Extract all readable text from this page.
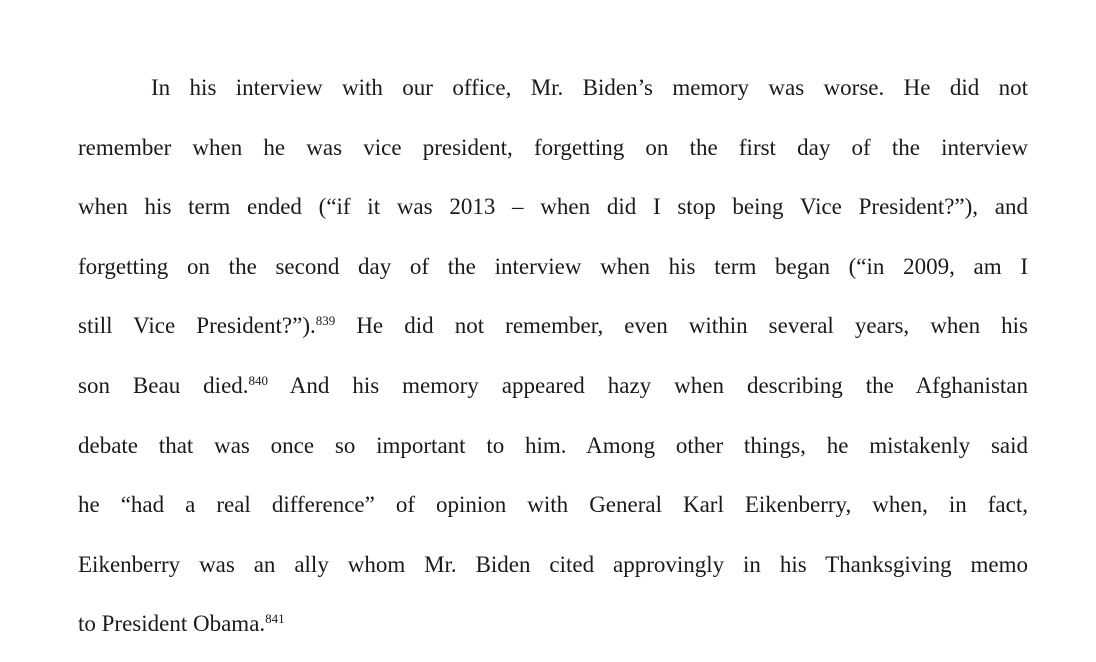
In his interview with our office, Mr. Biden’s memory was worse. He did not
remember when he was vice president, forgetting on the first day of the interview
when his term ended (“if it was 2013 – when did I stop being Vice President?”), and
forgetting on the second day of the interview when his term began (“in 2009, am I
still Vice President?”).$^{839}$ He did not remember, even within several years, when his
son Beau died.$^{840}$ And his memory appeared hazy when describing the Afghanistan
debate that was once so important to him. Among other things, he mistakenly said
he “had a real difference” of opinion with General Karl Eikenberry, when, in fact,
Eikenberry was an ally whom Mr. Biden cited approvingly in his Thanksgiving memo
to President Obama.$^{841}$
